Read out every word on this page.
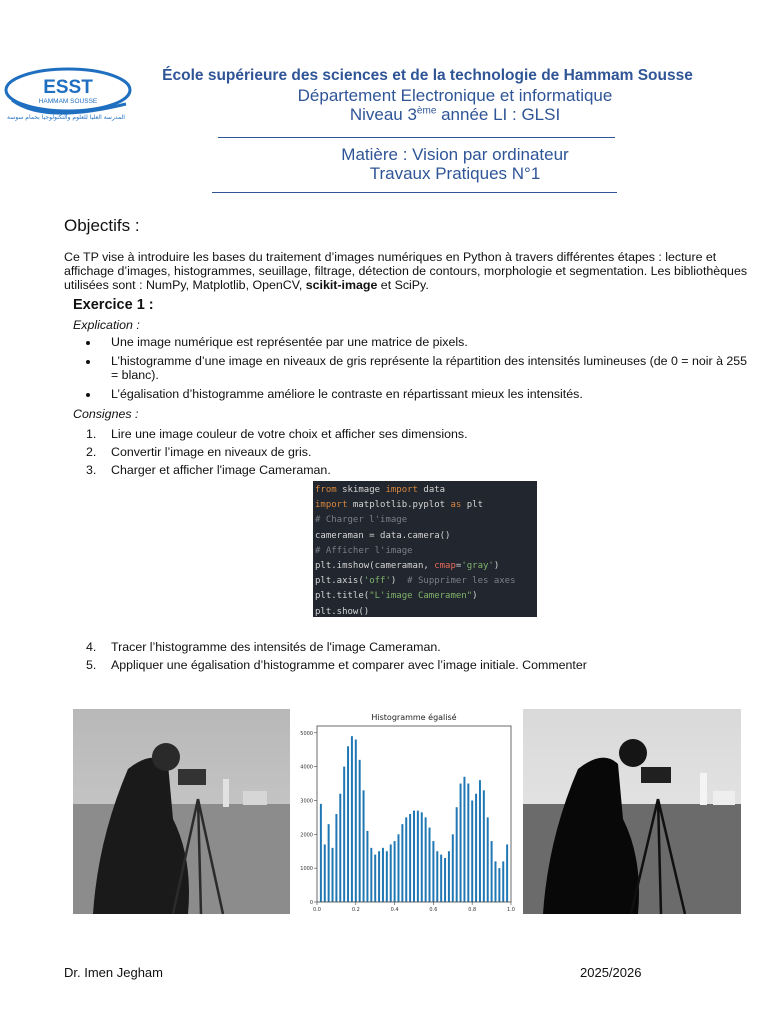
ESST
HAMMAM SOUSSE
المدرسة العليا للعلوم والتكنولوجيا بحمام سوسة
École supérieure des sciences et de la technologie de Hammam Sousse
Département Electronique et informatique
Niveau 3ème année LI : GLSI
Matière : Vision par ordinateur
Travaux Pratiques N°1
Objectifs :
Ce TP vise à introduire les bases du traitement d’images numériques en Python à travers différentes étapes : lecture et affichage d’images, histogrammes, seuillage, filtrage, détection de contours, morphologie et segmentation. Les bibliothèques utilisées sont : NumPy, Matplotlib, OpenCV, scikit-image et SciPy.
Exercice 1 :
Explication :
Une image numérique est représentée par une matrice de pixels.
L’histogramme d’une image en niveaux de gris représente la répartition des intensités lumineuses (de 0 = noir à 255 = blanc).
L’égalisation d’histogramme améliore le contraste en répartissant mieux les intensités.
Consignes :
1. Lire une image couleur de votre choix et afficher ses dimensions.
2. Convertir l’image en niveaux de gris.
3. Charger et afficher l'image Cameraman.
from skimage import data
import matplotlib.pyplot as plt
# Charger l'image
cameraman = data.camera()
# Afficher l'image
plt.imshow(cameraman, cmap='gray')
plt.axis('off')  # Supprimer les axes
plt.title("L'image Cameramen")
plt.show()
4. Tracer l’histogramme des intensités de l'image Cameraman.
5. Appliquer une égalisation d’histogramme et comparer avec l’image initiale. Commenter
Histogramme égalisé
0
1000
2000
3000
4000
5000
0.0	0.2	0.4	0.6	0.8	1.0
Dr. Imen Jegham	2025/2026
